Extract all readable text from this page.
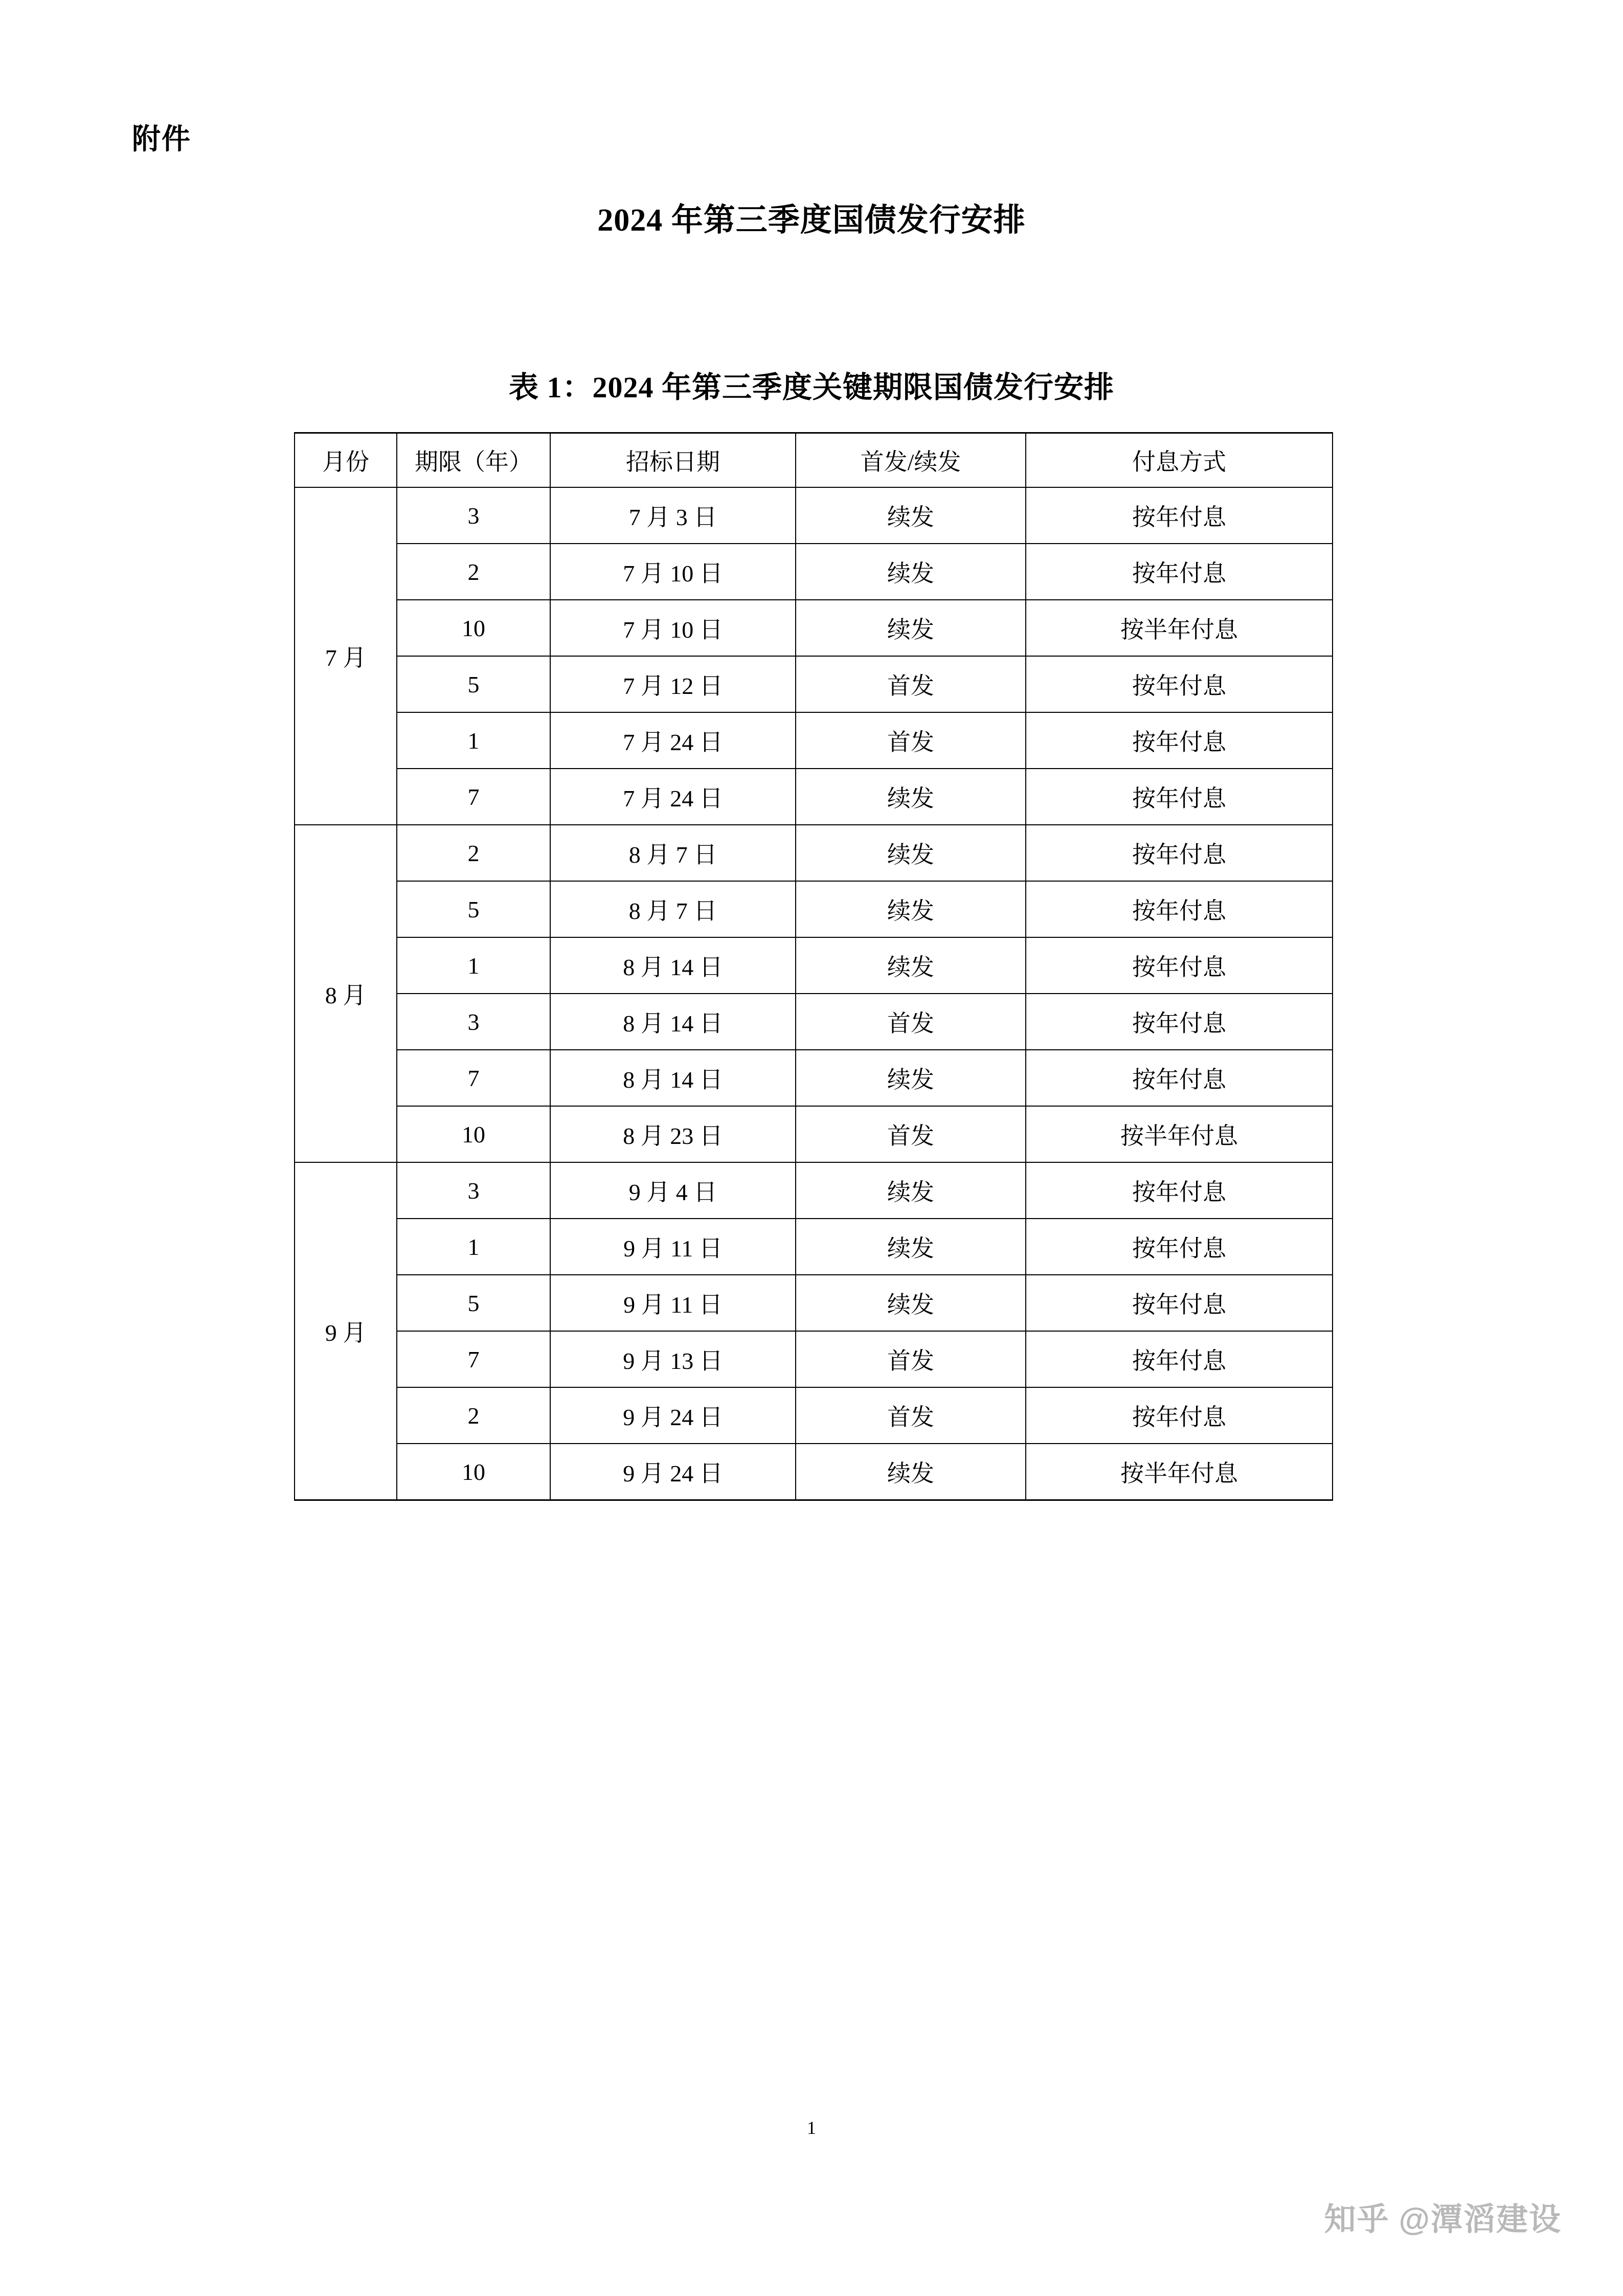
附件
2024 年第三季度国债发行安排
表 1：2024 年第三季度关键期限国债发行安排
月份	期限（年）	招标日期	首发/续发	付息方式
7 月	3	7 月 3 日	续发	按年付息
	2	7 月 10 日	续发	按年付息
	10	7 月 10 日	续发	按半年付息
	5	7 月 12 日	首发	按年付息
	1	7 月 24 日	首发	按年付息
	7	7 月 24 日	续发	按年付息
8 月	2	8 月 7 日	续发	按年付息
	5	8 月 7 日	续发	按年付息
	1	8 月 14 日	续发	按年付息
	3	8 月 14 日	首发	按年付息
	7	8 月 14 日	续发	按年付息
	10	8 月 23 日	首发	按半年付息
9 月	3	9 月 4 日	续发	按年付息
	1	9 月 11 日	续发	按年付息
	5	9 月 11 日	续发	按年付息
	7	9 月 13 日	首发	按年付息
	2	9 月 24 日	首发	按年付息
	10	9 月 24 日	续发	按半年付息
1
知乎 @潭滔建设
